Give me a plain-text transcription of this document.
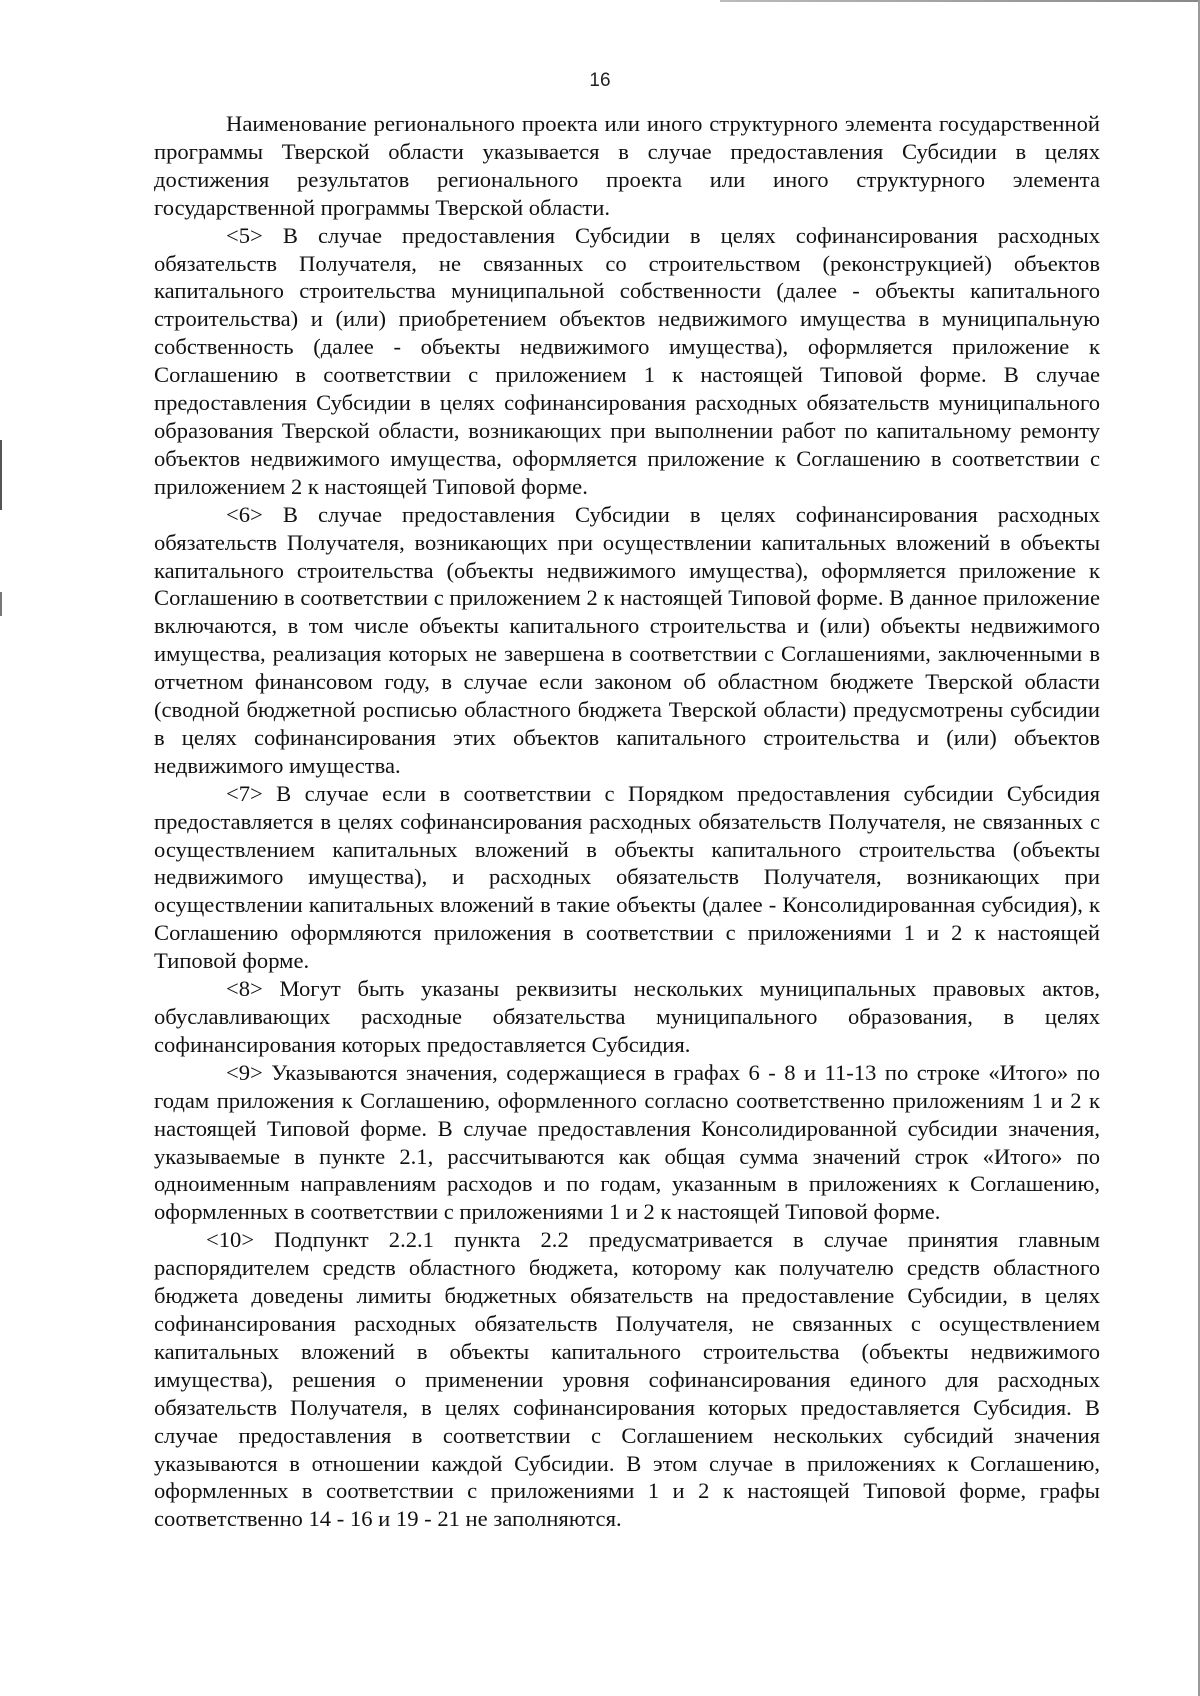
16

Наименование регионального проекта или иного структурного элемента государственной программы Тверской области указывается в случае предоставления Субсидии в целях достижения результатов регионального проекта или иного структурного элемента государственной программы Тверской области.

<5> В случае предоставления Субсидии в целях софинансирования расходных обязательств Получателя, не связанных со строительством (реконструкцией) объектов капитального строительства муниципальной собственности (далее - объекты капитального строительства) и (или) приобретением объектов недвижимого имущества в муниципальную собственность (далее - объекты недвижимого имущества), оформляется приложение к Соглашению в соответствии с приложением 1 к настоящей Типовой форме. В случае предоставления Субсидии в целях софинансирования расходных обязательств муниципального образования Тверской области, возникающих при выполнении работ по капитальному ремонту объектов недвижимого имущества, оформляется приложение к Соглашению в соответствии с приложением 2 к настоящей Типовой форме.

<6> В случае предоставления Субсидии в целях софинансирования расходных обязательств Получателя, возникающих при осуществлении капитальных вложений в объекты капитального строительства (объекты недвижимого имущества), оформляется приложение к Соглашению в соответствии с приложением 2 к настоящей Типовой форме. В данное приложение включаются, в том числе объекты капитального строительства и (или) объекты недвижимого имущества, реализация которых не завершена в соответствии с Соглашениями, заключенными в отчетном финансовом году, в случае если законом об областном бюджете Тверской области (сводной бюджетной росписью областного бюджета Тверской области) предусмотрены субсидии в целях софинансирования этих объектов капитального строительства и (или) объектов недвижимого имущества.

<7> В случае если в соответствии с Порядком предоставления субсидии Субсидия предоставляется в целях софинансирования расходных обязательств Получателя, не связанных с осуществлением капитальных вложений в объекты капитального строительства (объекты недвижимого имущества), и расходных обязательств Получателя, возникающих при осуществлении капитальных вложений в такие объекты (далее - Консолидированная субсидия), к Соглашению оформляются приложения в соответствии с приложениями 1 и 2 к настоящей Типовой форме.

<8> Могут быть указаны реквизиты нескольких муниципальных правовых актов, обуславливающих расходные обязательства муниципального образования, в целях софинансирования которых предоставляется Субсидия.

<9> Указываются значения, содержащиеся в графах 6 - 8 и 11-13 по строке «Итого» по годам приложения к Соглашению, оформленного согласно соответственно приложениям 1 и 2 к настоящей Типовой форме. В случае предоставления Консолидированной субсидии значения, указываемые в пункте 2.1, рассчитываются как общая сумма значений строк «Итого» по одноименным направлениям расходов и по годам, указанным в приложениях к Соглашению, оформленных в соответствии с приложениями 1 и 2 к настоящей Типовой форме.

<10> Подпункт 2.2.1 пункта 2.2 предусматривается в случае принятия главным распорядителем средств областного бюджета, которому как получателю средств областного бюджета доведены лимиты бюджетных обязательств на предоставление Субсидии, в целях софинансирования расходных обязательств Получателя, не связанных с осуществлением капитальных вложений в объекты капитального строительства (объекты недвижимого имущества), решения о применении уровня софинансирования единого для расходных обязательств Получателя, в целях софинансирования которых предоставляется Субсидия. В случае предоставления в соответствии с Соглашением нескольких субсидий значения указываются в отношении каждой Субсидии. В этом случае в приложениях к Соглашению, оформленных в соответствии с приложениями 1 и 2 к настоящей Типовой форме, графы соответственно 14 - 16 и 19 - 21 не заполняются.
